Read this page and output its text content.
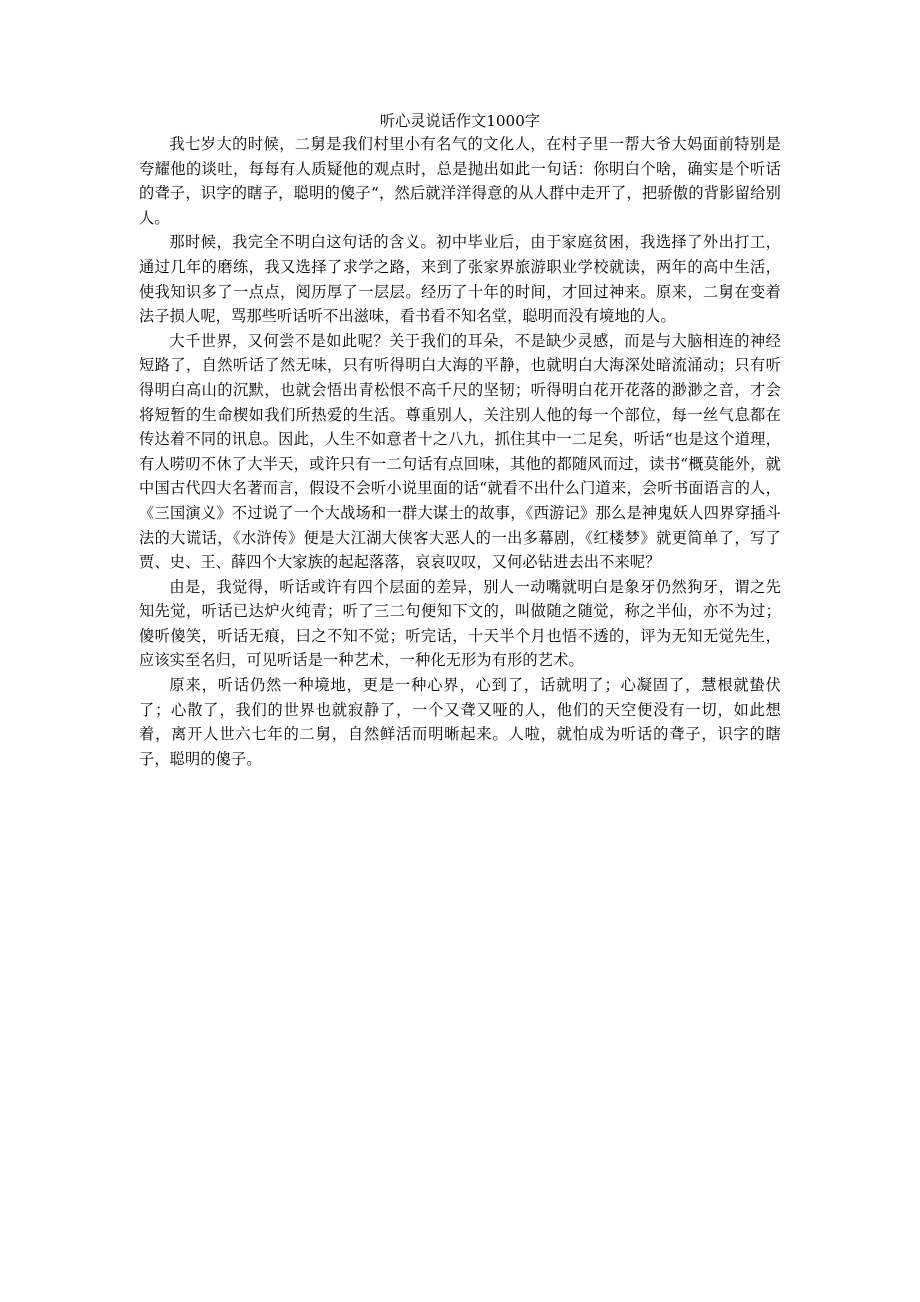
听心灵说话作文1000字

我七岁大的时候，二舅是我们村里小有名气的文化人，在村子里一帮大爷大妈面前特别是夸耀他的谈吐，每每有人质疑他的观点时，总是抛出如此一句话：你明白个啥，确实是个听话的聋子，识字的瞎子，聪明的傻子“，然后就洋洋得意的从人群中走开了，把骄傲的背影留给别人。

那时候，我完全不明白这句话的含义。初中毕业后，由于家庭贫困，我选择了外出打工，通过几年的磨练，我又选择了求学之路，来到了张家界旅游职业学校就读，两年的高中生活，使我知识多了一点点，阅历厚了一层层。经历了十年的时间，才回过神来。原来，二舅在变着法子损人呢，骂那些听话听不出滋味，看书看不知名堂，聪明而没有境地的人。

大千世界，又何尝不是如此呢？关于我们的耳朵，不是缺少灵感，而是与大脑相连的神经短路了，自然听话了然无味，只有听得明白大海的平静，也就明白大海深处暗流涌动；只有听得明白高山的沉默，也就会悟出青松恨不高千尺的坚韧；听得明白花开花落的渺渺之音，才会将短暂的生命楔如我们所热爱的生活。尊重别人，关注别人他的每一个部位，每一丝气息都在传达着不同的讯息。因此，人生不如意者十之八九，抓住其中一二足矣，听话“也是这个道理，有人唠叨不休了大半天，或许只有一二句话有点回味，其他的都随风而过，读书“概莫能外，就中国古代四大名著而言，假设不会听小说里面的话“就看不出什么门道来，会听书面语言的人，《三国演义》不过说了一个大战场和一群大谋士的故事，《西游记》那么是神鬼妖人四界穿插斗法的大谎话，《水浒传》便是大江湖大侠客大恶人的一出多幕剧，《红楼梦》就更简单了，写了贾、史、王、薛四个大家族的起起落落，哀哀叹叹，又何必钻进去出不来呢？

由是，我觉得，听话或许有四个层面的差异，别人一动嘴就明白是象牙仍然狗牙，谓之先知先觉，听话已达炉火纯青；听了三二句便知下文的，叫做随之随觉，称之半仙，亦不为过；傻听傻笑，听话无痕，曰之不知不觉；听完话，十天半个月也悟不透的，评为无知无觉先生，应该实至名归，可见听话是一种艺术，一种化无形为有形的艺术。

原来，听话仍然一种境地，更是一种心界，心到了，话就明了；心凝固了，慧根就蛰伏了；心散了，我们的世界也就寂静了，一个又聋又哑的人，他们的天空便没有一切，如此想着，离开人世六七年的二舅，自然鲜活而明晰起来。人啦，就怕成为听话的聋子，识字的瞎子，聪明的傻子。
